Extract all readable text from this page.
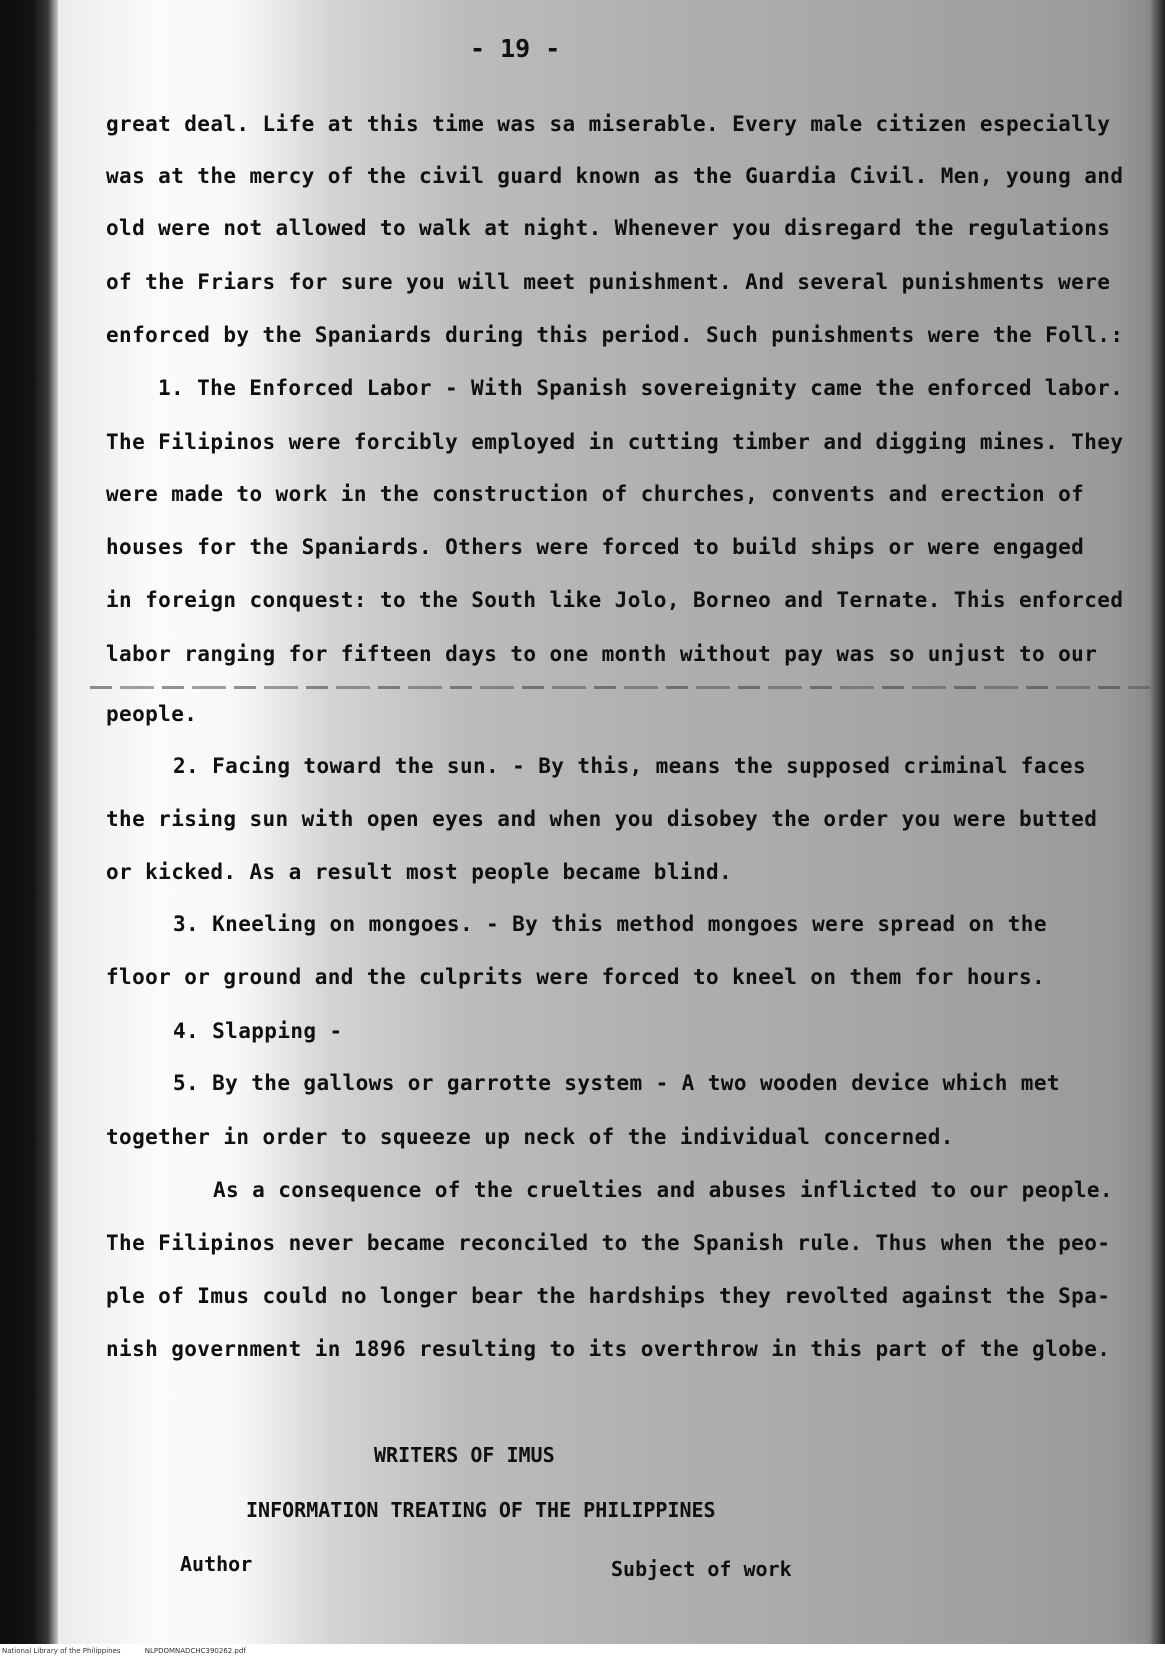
- 19 -
great deal. Life at this time was sa miserable. Every male citizen especially
was at the mercy of the civil guard known as the Guardia Civil. Men, young and
old were not allowed to walk at night. Whenever you disregard the regulations
of the Friars for sure you will meet punishment. And several punishments were
enforced by the Spaniards during this period. Such punishments were the Foll.:
1. The Enforced Labor - With Spanish sovereignity came the enforced labor.
The Filipinos were forcibly employed in cutting timber and digging mines. They
were made to work in the construction of churches, convents and erection of
houses for the Spaniards. Others were forced to build ships or were engaged
in foreign conquest: to the South like Jolo, Borneo and Ternate. This enforced
labor ranging for fifteen days to one month without pay was so unjust to our
people.
2. Facing toward the sun. - By this, means the supposed criminal faces
the rising sun with open eyes and when you disobey the order you were butted
or kicked. As a result most people became blind.
3. Kneeling on mongoes. - By this method mongoes were spread on the
floor or ground and the culprits were forced to kneel on them for hours.
4. Slapping -
5. By the gallows or garrotte system - A two wooden device which met
together in order to squeeze up neck of the individual concerned.
As a consequence of the cruelties and abuses inflicted to our people.
The Filipinos never became reconciled to the Spanish rule. Thus when the peo-
ple of Imus could no longer bear the hardships they revolted against the Spa-
nish government in 1896 resulting to its overthrow in this part of the globe.
WRITERS OF IMUS
INFORMATION TREATING OF THE PHILIPPINES
Author	Subject of work
National Library of the Philippines	NLPDOMNADCHC390262.pdf
